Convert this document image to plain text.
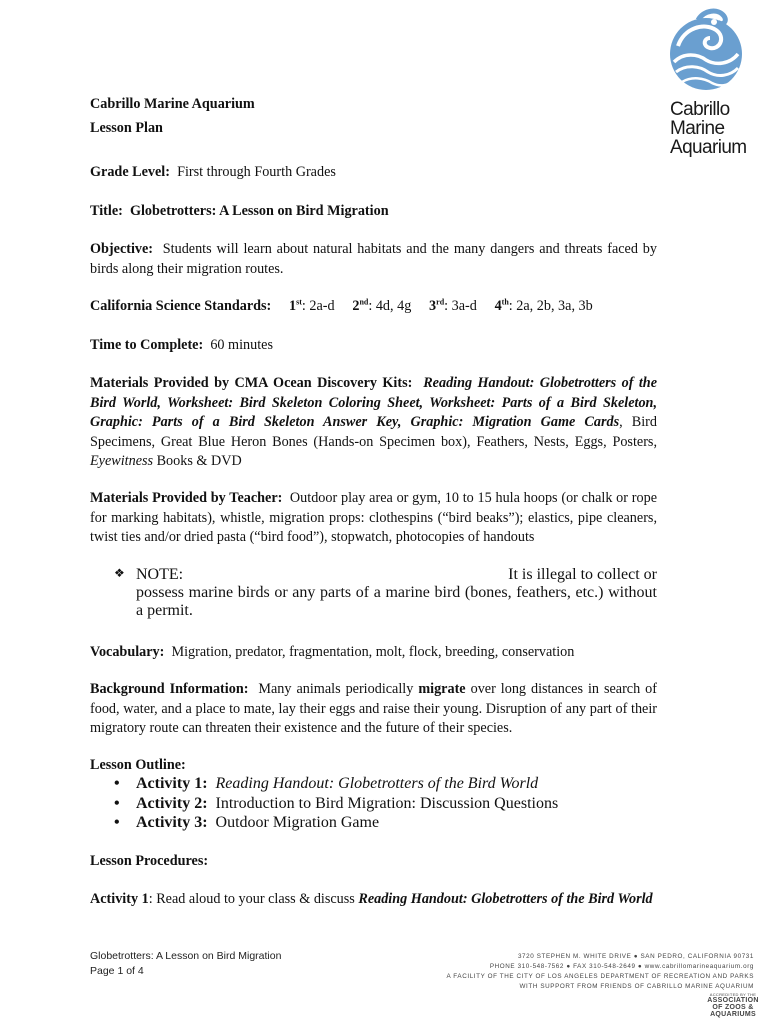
Cabrillo
Marine
Aquarium
Cabrillo Marine Aquarium
Lesson Plan
Grade Level: First through Fourth Grades
Title: Globetrotters: A Lesson on Bird Migration
Objective: Students will learn about natural habitats and the many dangers and threats faced by birds along their migration routes.
California Science Standards: 1st: 2a-d 2nd: 4d, 4g 3rd: 3a-d 4th: 2a, 2b, 3a, 3b
Time to Complete: 60 minutes
Materials Provided by CMA Ocean Discovery Kits: Reading Handout: Globetrotters of the Bird World, Worksheet: Bird Skeleton Coloring Sheet, Worksheet: Parts of a Bird Skeleton, Graphic: Parts of a Bird Skeleton Answer Key, Graphic: Migration Game Cards, Bird Specimens, Great Blue Heron Bones (Hands-on Specimen box), Feathers, Nests, Eggs, Posters, Eyewitness Books & DVD
Materials Provided by Teacher: Outdoor play area or gym, 10 to 15 hula hoops (or chalk or rope for marking habitats), whistle, migration props: clothespins (“bird beaks”); elastics, pipe cleaners, twist ties and/or dried pasta (“bird food”), stopwatch, photocopies of handouts
❖ NOTE:	It is illegal to collect or
possess marine birds or any parts of a marine bird (bones, feathers, etc.) without a permit.
Vocabulary: Migration, predator, fragmentation, molt, flock, breeding, conservation
Background Information: Many animals periodically migrate over long distances in search of food, water, and a place to mate, lay their eggs and raise their young. Disruption of any part of their migratory route can threaten their existence and the future of their species.
Lesson Outline:
• Activity 1: Reading Handout: Globetrotters of the Bird World
• Activity 2: Introduction to Bird Migration: Discussion Questions
• Activity 3: Outdoor Migration Game
Lesson Procedures:
Activity 1: Read aloud to your class & discuss Reading Handout: Globetrotters of the Bird World
Globetrotters: A Lesson on Bird Migration
Page 1 of 4
3720 STEPHEN M. WHITE DRIVE ● SAN PEDRO, CALIFORNIA 90731
PHONE 310-548-7562 ● FAX 310-548-2649 ● www.cabrillomarineaquarium.org
A FACILITY OF THE CITY OF LOS ANGELES DEPARTMENT OF RECREATION AND PARKS
WITH SUPPORT FROM FRIENDS OF CABRILLO MARINE AQUARIUM
ACCREDITED BY THE
ASSOCIATION
OF ZOOS &
AQUARIUMS
